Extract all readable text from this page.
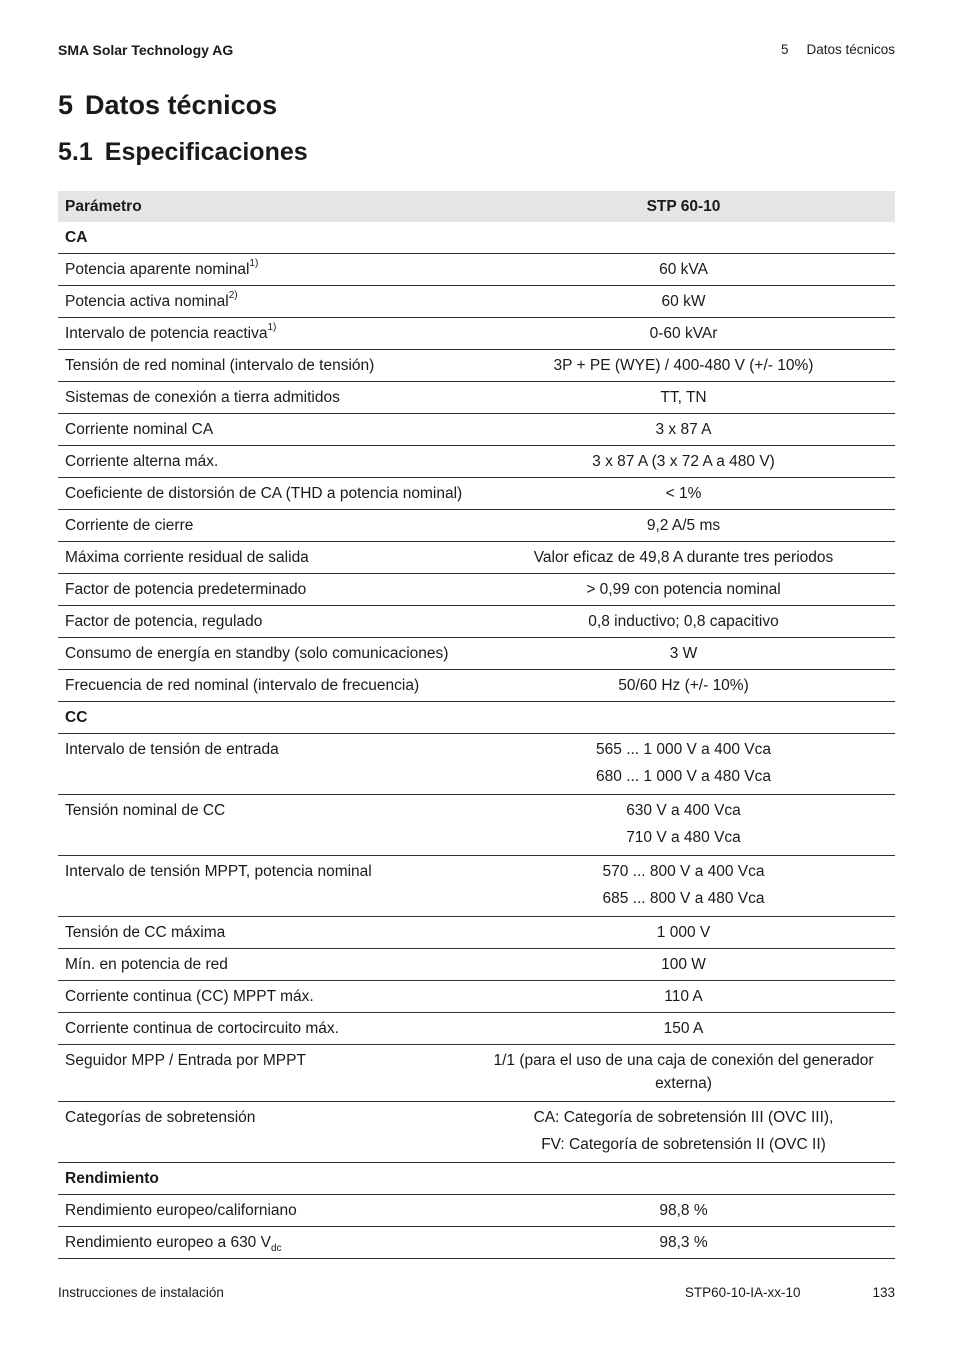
SMA Solar Technology AG	5 Datos técnicos
5 Datos técnicos
5.1 Especificaciones
Parámetro	STP 60-10
CA	
Potencia aparente nominal$^{1)}$	60 kVA
Potencia activa nominal$^{2)}$	60 kW
Intervalo de potencia reactiva$^{1)}$	0-60 kVAr
Tensión de red nominal (intervalo de tensión)	3P + PE (WYE) / 400-480 V (+/- 10%)
Sistemas de conexión a tierra admitidos	TT, TN
Corriente nominal CA	3 x 87 A
Corriente alterna máx.	3 x 87 A (3 x 72 A a 480 V)
Coeficiente de distorsión de CA (THD a potencia nominal)	< 1%
Corriente de cierre	9,2 A/5 ms
Máxima corriente residual de salida	Valor eficaz de 49,8 A durante tres periodos
Factor de potencia predeterminado	> 0,99 con potencia nominal
Factor de potencia, regulado	0,8 inductivo; 0,8 capacitivo
Consumo de energía en standby (solo comunicaciones)	3 W
Frecuencia de red nominal (intervalo de frecuencia)	50/60 Hz (+/- 10%)
CC	
Intervalo de tensión de entrada	565 ... 1 000 V a 400 Vca
680 ... 1 000 V a 480 Vca

Tensión nominal de CC	630 V a 400 Vca
710 V a 480 Vca

Intervalo de tensión MPPT, potencia nominal	570 ... 800 V a 400 Vca
685 ... 800 V a 480 Vca

Tensión de CC máxima	1 000 V
Mín. en potencia de red	100 W
Corriente continua (CC) MPPT máx.	110 A
Corriente continua de cortocircuito máx.	150 A
Seguidor MPP / Entrada por MPPT	1/1 (para el uso de una caja de conexión del generador externa)
Categorías de sobretensión	CA: Categoría de sobretensión III (OVC III),
FV: Categoría de sobretensión II (OVC II)

Rendimiento	
Rendimiento europeo/californiano	98,8 %
Rendimiento europeo a 630 $V_{dc}$	98,3 %
Instrucciones de instalación	STP60-10-IA-xx-10	133
